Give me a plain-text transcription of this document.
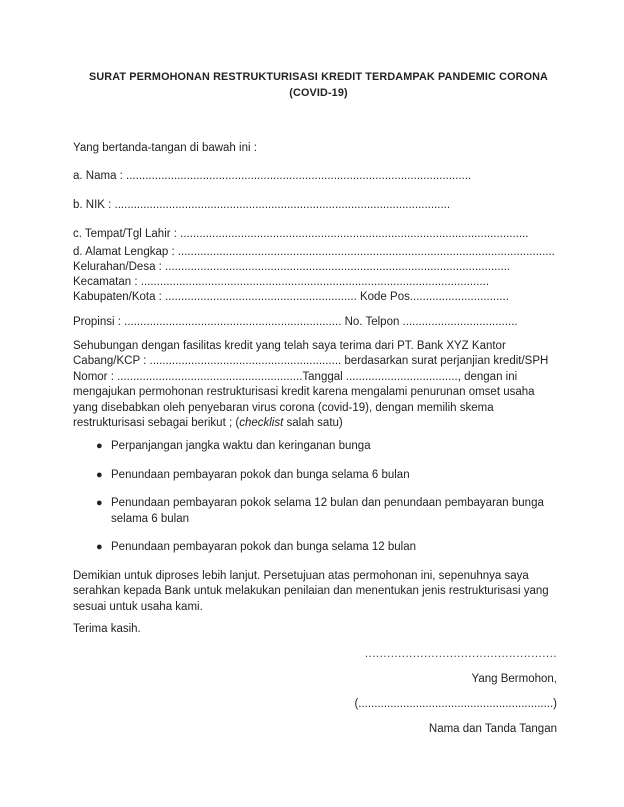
SURAT PERMOHONAN RESTRUKTURISASI KREDIT TERDAMPAK PANDEMIC CORONA
(COVID-19)
Yang bertanda-tangan di bawah ini :
a. Nama : ............................................................................................................
b. NIK : .........................................................................................................
c. Tempat/Tgl Lahir : .............................................................................................................
d. Alamat Lengkap : ......................................................................................................................
Kelurahan/Desa : ............................................................................................................
Kecamatan : .............................................................................................................
Kabupaten/Kota : ............................................................ Kode Pos...............................
Propinsi : .................................................................... No. Telpon ....................................
Sehubungan dengan fasilitas kredit yang telah saya terima dari PT. Bank XYZ Kantor
Cabang/KCP : ............................................................ berdasarkan surat perjanjian kredit/SPH
Nomor : ..........................................................Tanggal ..................................., dengan ini
mengajukan permohonan restrukturisasi kredit karena mengalami penurunan omset usaha
yang disebabkan oleh penyebaran virus corona (covid-19), dengan memilih skema
restrukturisasi sebagai berikut ; (checklist salah satu)
● Perpanjangan jangka waktu dan keringanan bunga
● Penundaan pembayaran pokok dan bunga selama 6 bulan
● Penundaan pembayaran pokok selama 12 bulan dan penundaan pembayaran bunga
selama 6 bulan
● Penundaan pembayaran pokok dan bunga selama 12 bulan
Demikian untuk diproses lebih lanjut. Persetujuan atas permohonan ini, sepenuhnya saya
serahkan kepada Bank untuk melakukan penilaian dan menentukan jenis restrukturisasi yang
sesuai untuk usaha kami.
Terima kasih.
....................................................
Yang Bermohon,
(.............................................................)
Nama dan Tanda Tangan
